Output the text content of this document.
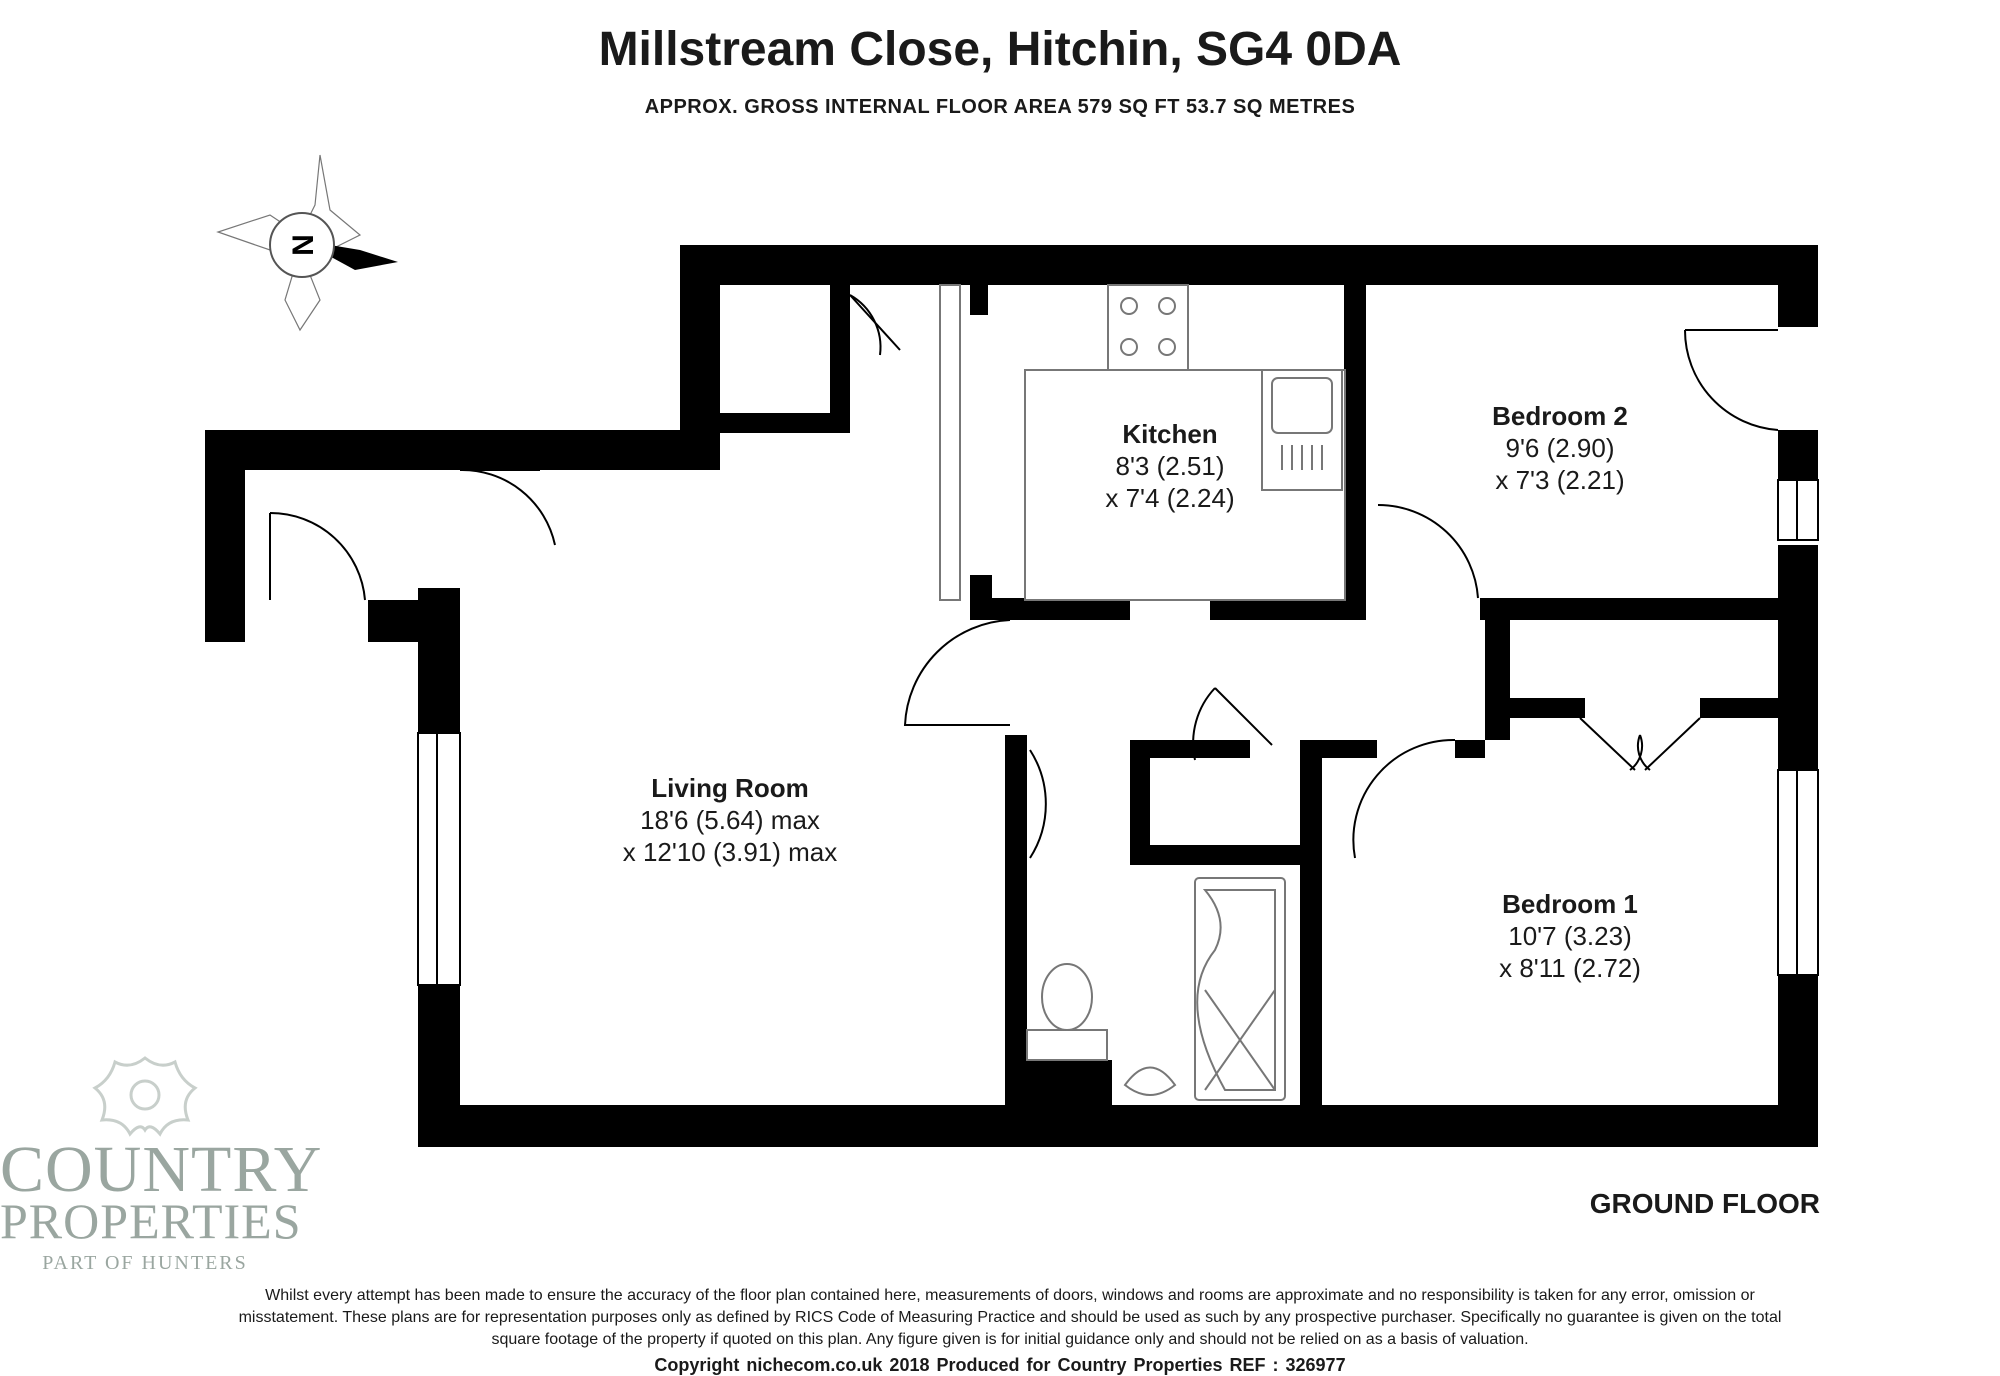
Millstream Close, Hitchin, SG4 0DA
APPROX. GROSS INTERNAL FLOOR AREA 579 SQ FT 53.7 SQ METRES
N
Kitchen
8'3 (2.51)
x 7'4 (2.24)
Bedroom 2
9'6 (2.90)
x 7'3 (2.21)
Living Room
18'6 (5.64) max
x 12'10 (3.91) max
Bedroom 1
10'7 (3.23)
x 8'11 (2.72)
GROUND FLOOR
COUNTRY
PROPERTIES
PART OF HUNTERS
Whilst every attempt has been made to ensure the accuracy of the floor plan contained here, measurements of doors, windows and rooms are approximate and no responsibility is taken for any error, omission or misstatement. These plans are for representation purposes only as defined by RICS Code of Measuring Practice and should be used as such by any prospective purchaser. Specifically no guarantee is given on the total square footage of the property if quoted on this plan. Any figure given is for initial guidance only and should not be relied on as a basis of valuation.
Copyright nichecom.co.uk 2018 Produced for Country Properties REF : 326977
